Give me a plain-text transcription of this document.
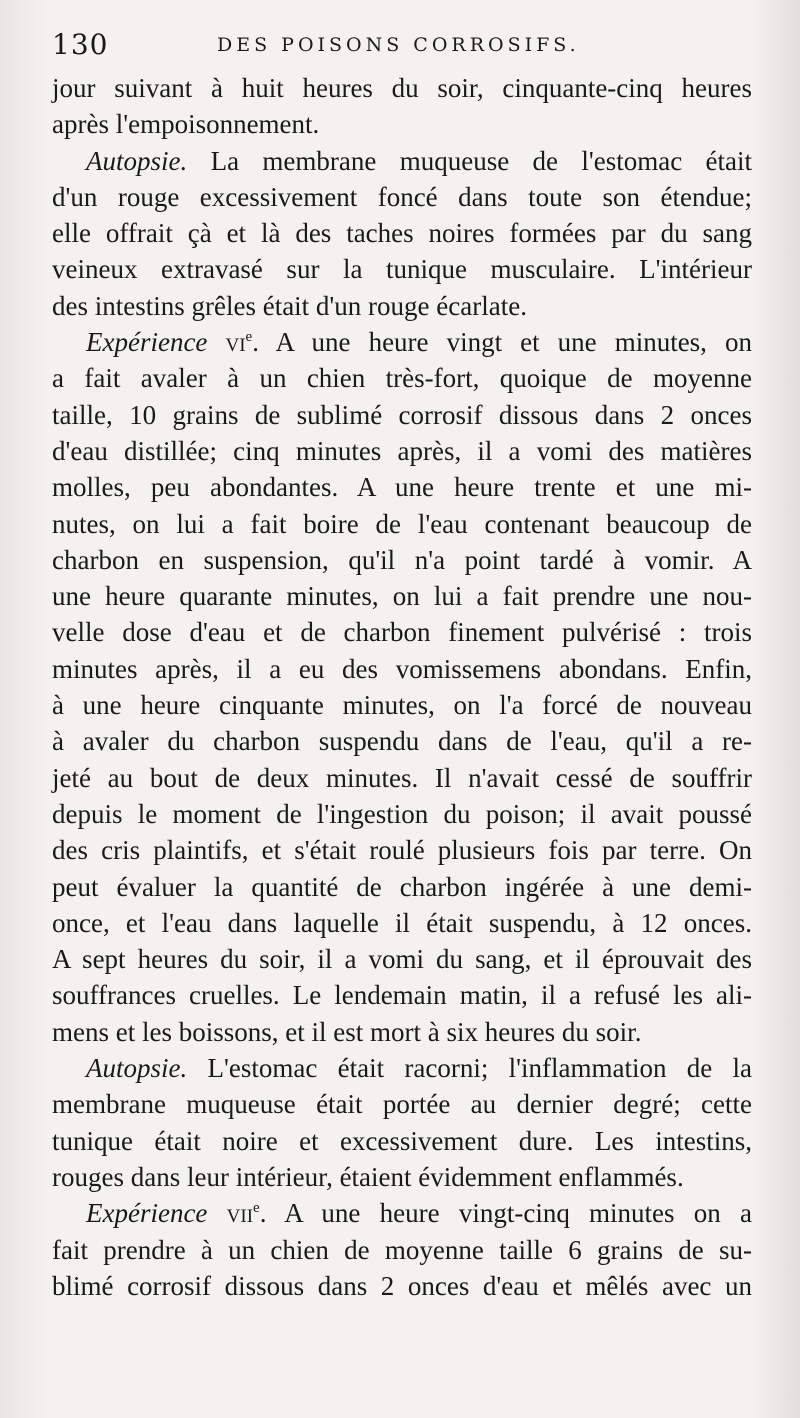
130	DES POISONS CORROSIFS.
jour suivant à huit heures du soir, cinquante-cinq heures
après l'empoisonnement.
Autopsie. La membrane muqueuse de l'estomac était
d'un rouge excessivement foncé dans toute son étendue;
elle offrait çà et là des taches noires formées par du sang
veineux extravasé sur la tunique musculaire. L'intérieur
des intestins grêles était d'un rouge écarlate.
Expérience $vi^e$. A une heure vingt et une minutes, on
a fait avaler à un chien très-fort, quoique de moyenne
taille, 10 grains de sublimé corrosif dissous dans 2 onces
d'eau distillée; cinq minutes après, il a vomi des matières
molles, peu abondantes. A une heure trente et une mi-
nutes, on lui a fait boire de l'eau contenant beaucoup de
charbon en suspension, qu'il n'a point tardé à vomir. A
une heure quarante minutes, on lui a fait prendre une nou-
velle dose d'eau et de charbon finement pulvérisé : trois
minutes après, il a eu des vomissemens abondans. Enfin,
à une heure cinquante minutes, on l'a forcé de nouveau
à avaler du charbon suspendu dans de l'eau, qu'il a re-
jeté au bout de deux minutes. Il n'avait cessé de souffrir
depuis le moment de l'ingestion du poison; il avait poussé
des cris plaintifs, et s'était roulé plusieurs fois par terre. On
peut évaluer la quantité de charbon ingérée à une demi-
once, et l'eau dans laquelle il était suspendu, à 12 onces.
A sept heures du soir, il a vomi du sang, et il éprouvait des
souffrances cruelles. Le lendemain matin, il a refusé les ali-
mens et les boissons, et il est mort à six heures du soir.
Autopsie. L'estomac était racorni; l'inflammation de la
membrane muqueuse était portée au dernier degré; cette
tunique était noire et excessivement dure. Les intestins,
rouges dans leur intérieur, étaient évidemment enflammés.
Expérience vii$^e$. A une heure vingt-cinq minutes on a
fait prendre à un chien de moyenne taille 6 grains de su-
blimé corrosif dissous dans 2 onces d'eau et mêlés avec un
